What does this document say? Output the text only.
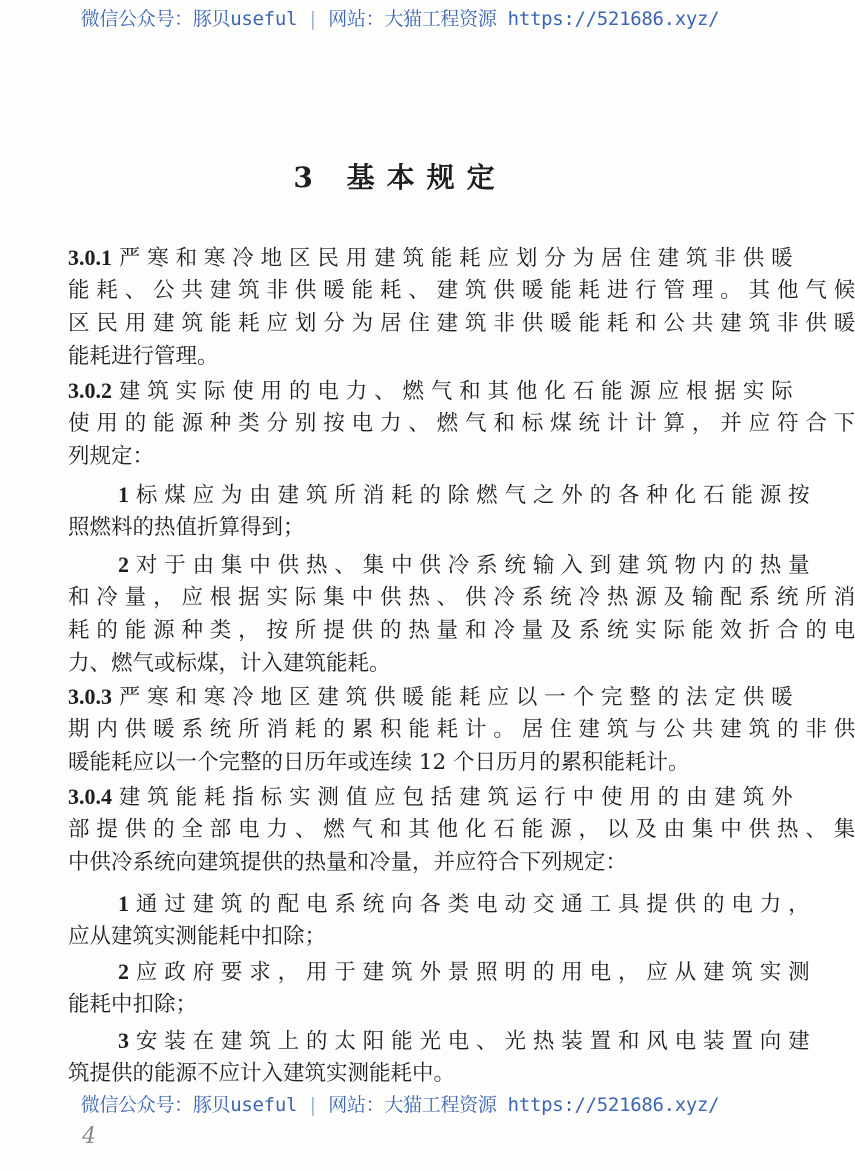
微信公众号：豚贝useful | 网站：大猫工程资源 https://521686.xyz/
3 基本规定
3.0.1 严 寒 和 寒 冷 地 区 民 用 建 筑 能 耗 应 划 分 为 居 住 建 筑 非 供 暖
能 耗 、 公 共 建 筑 非 供 暖 能 耗 、 建 筑 供 暖 能 耗 进 行 管 理 。 其 他 气 候
区 民 用 建 筑 能 耗 应 划 分 为 居 住 建 筑 非 供 暖 能 耗 和 公 共 建 筑 非 供 暖
能耗进行管理。
3.0.2 建 筑 实 际 使 用 的 电 力 、 燃 气 和 其 他 化 石 能 源 应 根 据 实 际
使 用 的 能 源 种 类 分 别 按 电 力 、 燃 气 和 标 煤 统 计 计 算 ， 并 应 符 合 下
列规定：
1 标 煤 应 为 由 建 筑 所 消 耗 的 除 燃 气 之 外 的 各 种 化 石 能 源 按
照燃料的热值折算得到；
2 对 于 由 集 中 供 热 、 集 中 供 冷 系 统 输 入 到 建 筑 物 内 的 热 量
和 冷 量 ， 应 根 据 实 际 集 中 供 热 、 供 冷 系 统 冷 热 源 及 输 配 系 统 所 消
耗 的 能 源 种 类 ， 按 所 提 供 的 热 量 和 冷 量 及 系 统 实 际 能 效 折 合 的 电
力、燃气或标煤，计入建筑能耗。
3.0.3 严 寒 和 寒 冷 地 区 建 筑 供 暖 能 耗 应 以 一 个 完 整 的 法 定 供 暖
期 内 供 暖 系 统 所 消 耗 的 累 积 能 耗 计 。 居 住 建 筑 与 公 共 建 筑 的 非 供
暖能耗应以一个完整的日历年或连续 12 个日历月的累积能耗计。
3.0.4 建 筑 能 耗 指 标 实 测 值 应 包 括 建 筑 运 行 中 使 用 的 由 建 筑 外
部 提 供 的 全 部 电 力 、 燃 气 和 其 他 化 石 能 源 ， 以 及 由 集 中 供 热 、 集
中供冷系统向建筑提供的热量和冷量，并应符合下列规定：
1 通 过 建 筑 的 配 电 系 统 向 各 类 电 动 交 通 工 具 提 供 的 电 力 ，
应从建筑实测能耗中扣除；
2 应 政 府 要 求 ， 用 于 建 筑 外 景 照 明 的 用 电 ， 应 从 建 筑 实 测
能耗中扣除；
3 安 装 在 建 筑 上 的 太 阳 能 光 电 、 光 热 装 置 和 风 电 装 置 向 建
筑提供的能源不应计入建筑实测能耗中。
微信公众号：豚贝useful | 网站：大猫工程资源 https://521686.xyz/
4
